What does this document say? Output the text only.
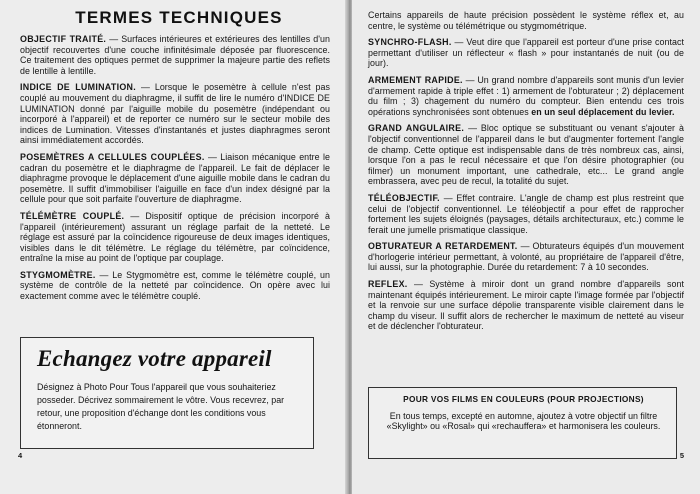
TERMES TECHNIQUES

OBJECTIF TRAITÉ. — Surfaces intérieures et extérieures des lentilles d'un objectif recouvertes d'une couche infinitésimale déposée par fluorescence. Ce traitement des optiques permet de supprimer la majeure partie des reflets de lentille à lentille.

INDICE DE LUMINATION. — Lorsque le posemètre à cellule n'est pas couplé au mouvement du diaphragme, il suffit de lire le numéro d'INDICE DE LUMINATION donné par l'aiguille mobile du posemètre (indépendant ou incorporé à l'appareil) et de reporter ce numéro sur le secteur mobile des indices de Lumination. Vitesses d'instantanés et justes diaphragmes seront ainsi immédiatement accordés.

POSEMÈTRES A CELLULES COUPLÉES. — Liaison mécanique entre le cadran du posemètre et le diaphragme de l'appareil. Le fait de déplacer le diaphragme provoque le déplacement d'une aiguille mobile dans le cadran du posemètre. Il suffit d'immobiliser l'aiguille en face d'un index désigné par la cellule pour que soit parfaite l'ouverture de diaphragme.

TÉLÉMÈTRE COUPLÉ. — Dispositif optique de précision incorporé à l'appareil (intérieurement) assurant un réglage parfait de la netteté. Le réglage est assuré par la coïncidence rigoureuse de deux images identiques, visibles dans le dit télémètre. Le réglage du télémètre, par coïncidence, entraîne la mise au point de l'optique par couplage.

STYGMOMÈTRE. — Le Stygmomètre est, comme le télémètre couplé, un système de contrôle de la netteté par coïncidence. On opère avec lui exactement comme avec le télémètre couplé.

Echangez votre appareil

Désignez à Photo Pour Tous l'appareil que vous souhaiteriez posseder. Décrivez sommairement le vôtre. Vous recevrez, par retour, une proposition d'échange dont les conditions vous étonneront.

4

Certains appareils de haute précision possèdent le système réflex et, au centre, le système ou télémétrique ou stygmométrique.

SYNCHRO-FLASH. — Veut dire que l'appareil est porteur d'une prise contact permettant d'utiliser un réflecteur « flash » pour instantanés de nuit (ou de jour).

ARMEMENT RAPIDE. — Un grand nombre d'appareils sont munis d'un levier d'armement rapide à triple effet : 1) armement de l'obturateur ; 2) déplacement du film ; 3) chagement du numéro du compteur. Bien entendu ces trois opérations synchronisées sont obtenues en un seul déplacement du levier.

GRAND ANGULAIRE. — Bloc optique se substituant ou venant s'ajouter à l'objectif conventionnel de l'appareil dans le but d'augmenter fortement l'angle de champ. Cette optique est indispensable dans de très nombreux cas, ainsi, lorsque l'on a pas le recul nécessaire et que l'on désire photographier (ou filmer) un monument important, une cathedrale, etc... Le grand angle embrassera, avec peu de recul, la totalité du sujet.

TÉLÉOBJECTIF. — Effet contraire. L'angle de champ est plus restreint que celui de l'objectif conventionnel. Le téléobjectif a pour effet de rapprocher fortement les sujets éloignés (paysages, détails architecturaux, etc.) comme le ferait une jumelle prismatique classique.

OBTURATEUR A RETARDEMENT. — Obturateurs équipés d'un mouvement d'horlogerie intérieur permettant, à volonté, au propriétaire de l'appareil d'être, lui aussi, sur la photographie. Durée du retardement: 7 à 10 secondes.

REFLEX. — Système à miroir dont un grand nombre d'appareils sont maintenant équipés intérieurement. Le miroir capte l'image formée par l'objectif et la renvoie sur une surface dépolie transparente visible clairement dans le champ du viseur. Il suffit alors de rechercher le maximum de netteté au viseur et de déclencher l'obturateur.

POUR VOS FILMS EN COULEURS (POUR PROJECTIONS)

En tous temps, excepté en automne, ajoutez à votre objectif un filtre «Skylight» ou «Rosal» qui «rechauffera» et harmonisera les couleurs.

5
